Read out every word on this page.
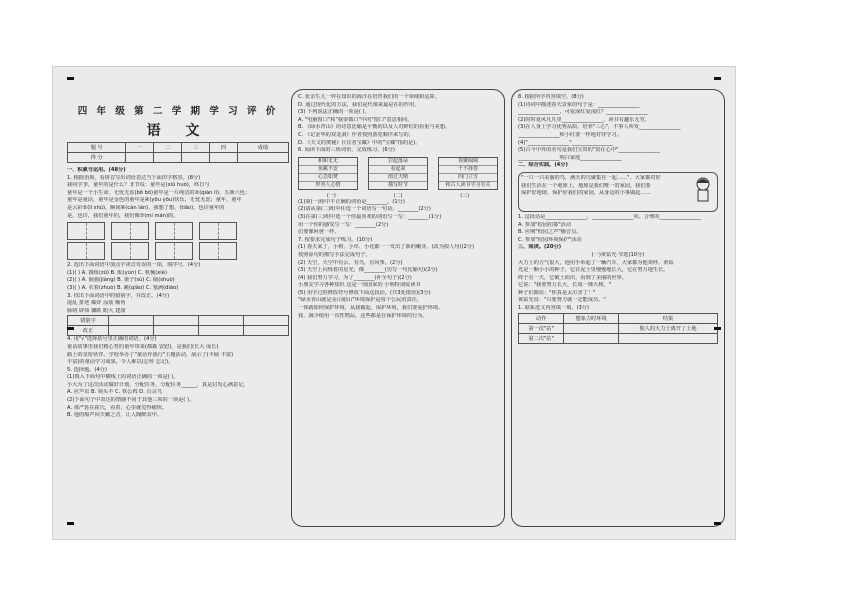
四 年 级 第 二 学 期 学 习 评 价
语 文
题 号	一	二	三	四	成绩
得 分					
一、积累与运用。(48分)
1. 根据语境，看拼音写出词语表达当下面田字格里。(8分)
我同学李，童年的是什么？非节说：童年是(xiū huó)，终日与
童年是一个小生命，无忧无虑(bō bō)童年是一片纯洁的②(qián lì)，五颜六色；
童年是童话，童年是金色的童年是④(yōu yōu)快乐，无忧无虑；童年，童年
是云彩⑤(lí shù)，瞬间⑥(cán lán)，我想了想，(tiāo)，也许童年的
是，也许，我们童年的，我们像⑦(mí mán)的。
2. 选出下面词语中加点字读音有误的一项，填序号。(4分)
(1)( ) A. 撰组(zǔ) B. 酝(yùn) C. 机械(xiè)
(2)( ) A. 倔强(jiàng) B. 栗子(sù) C. 硕(shuò)
(3)( ) A. 衣着(zhuó) B. 跳(qiǎo) C. 塞满(diāo)
3. 找出下面词语中的错别字，并改正。(4分)
混乱 排迹 爆炸 涂筋 额角
脉络 辟如 骤跌 眼大 建康
错别字				
改正				
4. 用"√"选择括号里正确的词语。(4分)
童话故事里我们精心育的童年带来(都森 安慰)，是我们(长大 成长)
路上的亲密伙伴。学校举办了"童话作我行"主题活动，展示了(丰硕 丰富)
丰富)的童话学习成果，令人难以(忘怀 忘记)。
5. 选择题。(4分)
(1)填入下面句中横线上的词语正确的一项是( )。
小大为了这次活动做好计划，分配任务，分配任务______，真是启发心满意足。
A. 应声虫 B. 领头羊 C. 铁公鸡 D. 百灵鸟
(2)下面句子中表达的情感不同于其他三项的一项是( )。
A. 那严惩在霍氏，看着，心里就觉得痛快。
B. 他的船声回天籁之音，让人陶醉其中。
C. 张亲生儿一样在知识的海洋在培育我们的一个领域和运算。
D. 通过现代化的方法，我们是代课来最是在的作用。
(3) 下列说法正确的一项是( )。
A. "电脑窗口"和"我要做口"中的"窗口"意思相同。
B. 《绿水青山》的诗意比喻是平衡的以及人对鲜红的看重与美想。
C. 《记金华的双龙洞》作者按照游览顺序来写的。
D. 《天文的奥秘》(《宜者宝藏》中的"宝藏"指的是)。
6. 阅读下面的三组词语，完成练习。(6分)
和和无无
鱼跳不安
心急如焚
形容人心情
岩起落朵
看起来
雨过天晴
描写时节
春聚阔阔
千不择卷
四门立雪
和古人读书学习有关
(一)	(二)	(三)
(1)第(一)组中不正确的词语是________。(1分)
(2)请从第(二)组中任选一个词语写一句话。________(2分)
(3)在第(三)组中选一个你最喜欢的词语写一写：________(1分)
用一个你的感受写一写：________(2分)
们要像阿爸一样。
7. 按要求完成句子练习。(10分)
(1) 春天来了，小树、小草、小花都一一发出了新的嫩芽。(改为拟人句)(2分)
按照原句的描写手法完成句子。
(2) 天空，天空中有云，有鸟，有风筝。(2分)
(3) 天空上闪烁着的星光，像________(仿写一句比喻句)(2分)
(4) 我们努力学习，为了________(补全句子)(2分)
小朋友学习各种知识 这是一项国家的 小明特别爱读书
(5) 用学过的修改符号修改下面这段话。(共3处错误)(3分)
"绿水青山就是金山银山"环境保护是每个公民的责任，
一体就如何保护环境，从我做起、保护环境，我们要爱护环境。
我，减少使用一次性物品，这些都是在保护环境的行为。
8. 根据所学内容填空。(8分)
(1)诗词中描述春天景象的句子是：________________
________________，可爱深红爱浅红？________________
(2)时时夏风凡凡里________________，读书有趣乐无穷。
(3)在人身上学习优秀品质，培养"三心"，不事人所发________________
________________和小红要一样地对待学习。
(4)"________________"________________
(5)古今中外的名句是我们宝贵的"贯在心中"________________
________________明白家庭________________
二、综合实践。(4分)
"一只一只美丽的鸟，满天的鸟聚集在一起……"，大家都对好
我们生活在一个地球上，地球是我们唯一的家园，我们要
保护好地球，保护好我们的家园，从身边的小事做起……
1. 这段话是________________，________________向、合理的________________
A. 参加"校园招募"活动
B. 应期"校园之声"播音员。
C. 参加"校园环境保护"活动
三、阅读。(20分)
(一)黄钻光·节选(10分)
大力士的力气很大，他用手举起了一辆汽车，大家都为他欢呼。黄钻
光是一颗小小的种子，它在泥土里慢慢地长大，它在努力地生长。
终于有一天，它破土而出，看到了美丽的世界。
它说："我要努力长大，长成一棵大树。"
种子们都说："你真是太厉害了！"
黄钻光说："只要努力就一定能成功。"
1. 联系选文内容填一填。(3分)
动作	想象力时环境	结果
第一次"站"		独人的大力士离开了土地
第二次"站"		
